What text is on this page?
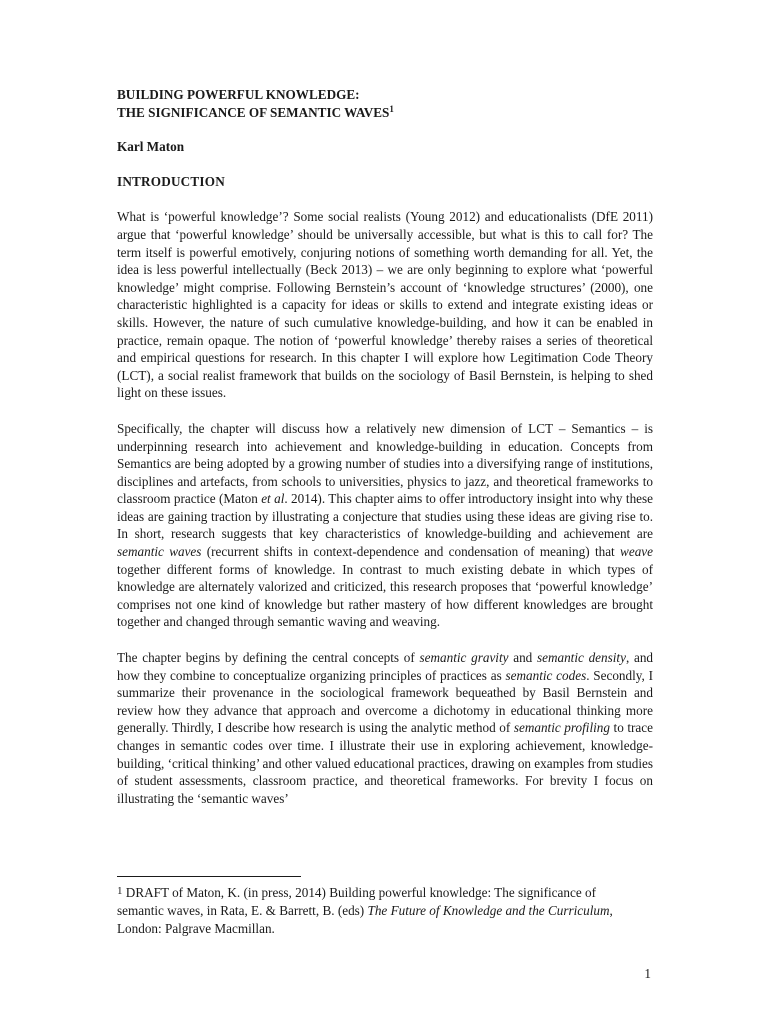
BUILDING POWERFUL KNOWLEDGE:
THE SIGNIFICANCE OF SEMANTIC WAVES$^1$
Karl Maton
INTRODUCTION

What is ‘powerful knowledge’? Some social realists (Young 2012) and educationalists (DfE 2011) argue that ‘powerful knowledge’ should be universally accessible, but what is this to call for? The term itself is powerful emotively, conjuring notions of something worth demanding for all. Yet, the idea is less powerful intellectually (Beck 2013) – we are only beginning to explore what ‘powerful knowledge’ might comprise. Following Bernstein’s account of ‘knowledge structures’ (2000), one characteristic highlighted is a capacity for ideas or skills to extend and integrate existing ideas or skills. However, the nature of such cumulative knowledge-building, and how it can be enabled in practice, remain opaque. The notion of ‘powerful knowledge’ thereby raises a series of theoretical and empirical questions for research. In this chapter I will explore how Legitimation Code Theory (LCT), a social realist framework that builds on the sociology of Basil Bernstein, is helping to shed light on these issues.

Specifically, the chapter will discuss how a relatively new dimension of LCT – Semantics – is underpinning research into achievement and knowledge-building in education. Concepts from Semantics are being adopted by a growing number of studies into a diversifying range of institutions, disciplines and artefacts, from schools to universities, physics to jazz, and theoretical frameworks to classroom practice (Maton et al. 2014). This chapter aims to offer introductory insight into why these ideas are gaining traction by illustrating a conjecture that studies using these ideas are giving rise to. In short, research suggests that key characteristics of knowledge-building and achievement are semantic waves (recurrent shifts in context-dependence and condensation of meaning) that weave together different forms of knowledge. In contrast to much existing debate in which types of knowledge are alternately valorized and criticized, this research proposes that ‘powerful knowledge’ comprises not one kind of knowledge but rather mastery of how different knowledges are brought together and changed through semantic waving and weaving.

The chapter begins by defining the central concepts of semantic gravity and semantic density, and how they combine to conceptualize organizing principles of practices as semantic codes. Secondly, I summarize their provenance in the sociological framework bequeathed by Basil Bernstein and review how they advance that approach and overcome a dichotomy in educational thinking more generally. Thirdly, I describe how research is using the analytic method of semantic profiling to trace changes in semantic codes over time. I illustrate their use in exploring achievement, knowledge-building, ‘critical thinking’ and other valued educational practices, drawing on examples from studies of student assessments, classroom practice, and theoretical frameworks. For brevity I focus on illustrating the ‘semantic waves’

$^1$ DRAFT of Maton, K. (in press, 2014) Building powerful knowledge: The significance of semantic waves, in Rata, E. & Barrett, B. (eds) The Future of Knowledge and the Curriculum, London: Palgrave Macmillan.
1
